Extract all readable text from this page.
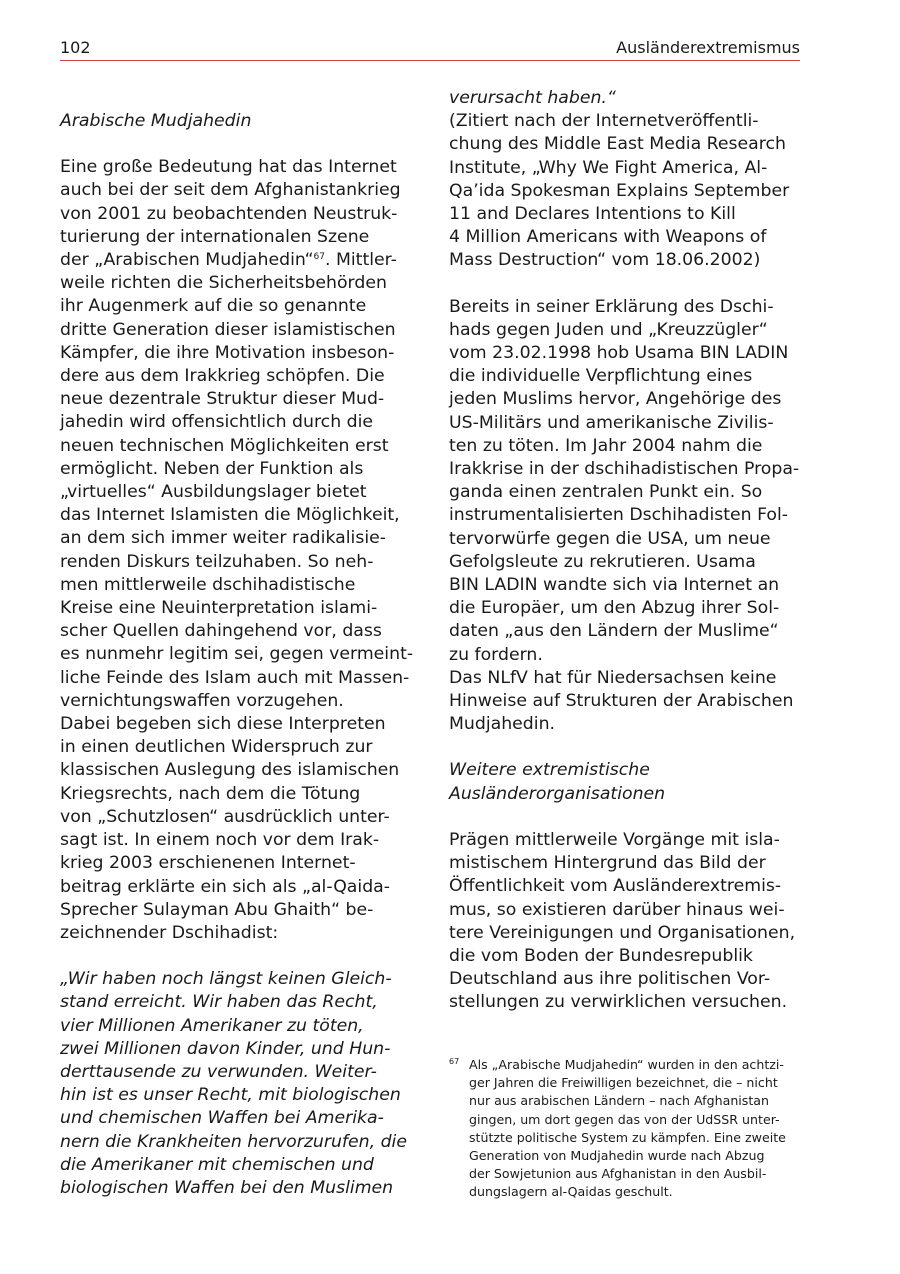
102	Ausländerextremismus
Arabische Mudjahedin
Eine große Bedeutung hat das Internet
auch bei der seit dem Afghanistankrieg
von 2001 zu beobachtenden Neustruk-
turierung der internationalen Szene
der „Arabischen Mudjahedin“$^{67}$. Mittler-
weile richten die Sicherheitsbehörden
ihr Augenmerk auf die so genannte
dritte Generation dieser islamistischen
Kämpfer, die ihre Motivation insbeson-
dere aus dem Irakkrieg schöpfen. Die
neue dezentrale Struktur dieser Mud-
jahedin wird offensichtlich durch die
neuen technischen Möglichkeiten erst
ermöglicht. Neben der Funktion als
„virtuelles“ Ausbildungslager bietet
das Internet Islamisten die Möglichkeit,
an dem sich immer weiter radikalisie-
renden Diskurs teilzuhaben. So neh-
men mittlerweile dschihadistische
Kreise eine Neuinterpretation islami-
scher Quellen dahingehend vor, dass
es nunmehr legitim sei, gegen vermeint-
liche Feinde des Islam auch mit Massen-
vernichtungswaffen vorzugehen.
Dabei begeben sich diese Interpreten
in einen deutlichen Widerspruch zur
klassischen Auslegung des islamischen
Kriegsrechts, nach dem die Tötung
von „Schutzlosen“ ausdrücklich unter-
sagt ist. In einem noch vor dem Irak-
krieg 2003 erschienenen Internet-
beitrag erklärte ein sich als „al-Qaida-
Sprecher Sulayman Abu Ghaith“ be-
zeichnender Dschihadist:
„Wir haben noch längst keinen Gleich-
stand erreicht. Wir haben das Recht,
vier Millionen Amerikaner zu töten,
zwei Millionen davon Kinder, und Hun-
derttausende zu verwunden. Weiter-
hin ist es unser Recht, mit biologischen
und chemischen Waffen bei Amerika-
nern die Krankheiten hervorzurufen, die
die Amerikaner mit chemischen und
biologischen Waffen bei den Muslimen
verursacht haben.“
(Zitiert nach der Internetveröffentli-
chung des Middle East Media Research
Institute, „Why We Fight America, Al-
Qa’ida Spokesman Explains September
11 and Declares Intentions to Kill
4 Million Americans with Weapons of
Mass Destruction“ vom 18.06.2002)
Bereits in seiner Erklärung des Dschi-
hads gegen Juden und „Kreuzzügler“
vom 23.02.1998 hob Usama BIN LADIN
die individuelle Verpflichtung eines
jeden Muslims hervor, Angehörige des
US-Militärs und amerikanische Zivilis-
ten zu töten. Im Jahr 2004 nahm die
Irakkrise in der dschihadistischen Propa-
ganda einen zentralen Punkt ein. So
instrumentalisierten Dschihadisten Fol-
tervorwürfe gegen die USA, um neue
Gefolgsleute zu rekrutieren. Usama
BIN LADIN wandte sich via Internet an
die Europäer, um den Abzug ihrer Sol-
daten „aus den Ländern der Muslime“
zu fordern.
Das NLfV hat für Niedersachsen keine
Hinweise auf Strukturen der Arabischen
Mudjahedin.
Weitere extremistische
Ausländerorganisationen
Prägen mittlerweile Vorgänge mit isla-
mistischem Hintergrund das Bild der
Öffentlichkeit vom Ausländerextremis-
mus, so existieren darüber hinaus wei-
tere Vereinigungen und Organisationen,
die vom Boden der Bundesrepublik
Deutschland aus ihre politischen Vor-
stellungen zu verwirklichen versuchen.
67 Als „Arabische Mudjahedin“ wurden in den achtzi-
ger Jahren die Freiwilligen bezeichnet, die – nicht
nur aus arabischen Ländern – nach Afghanistan
gingen, um dort gegen das von der UdSSR unter-
stützte politische System zu kämpfen. Eine zweite
Generation von Mudjahedin wurde nach Abzug
der Sowjetunion aus Afghanistan in den Ausbil-
dungslagern al-Qaidas geschult.
